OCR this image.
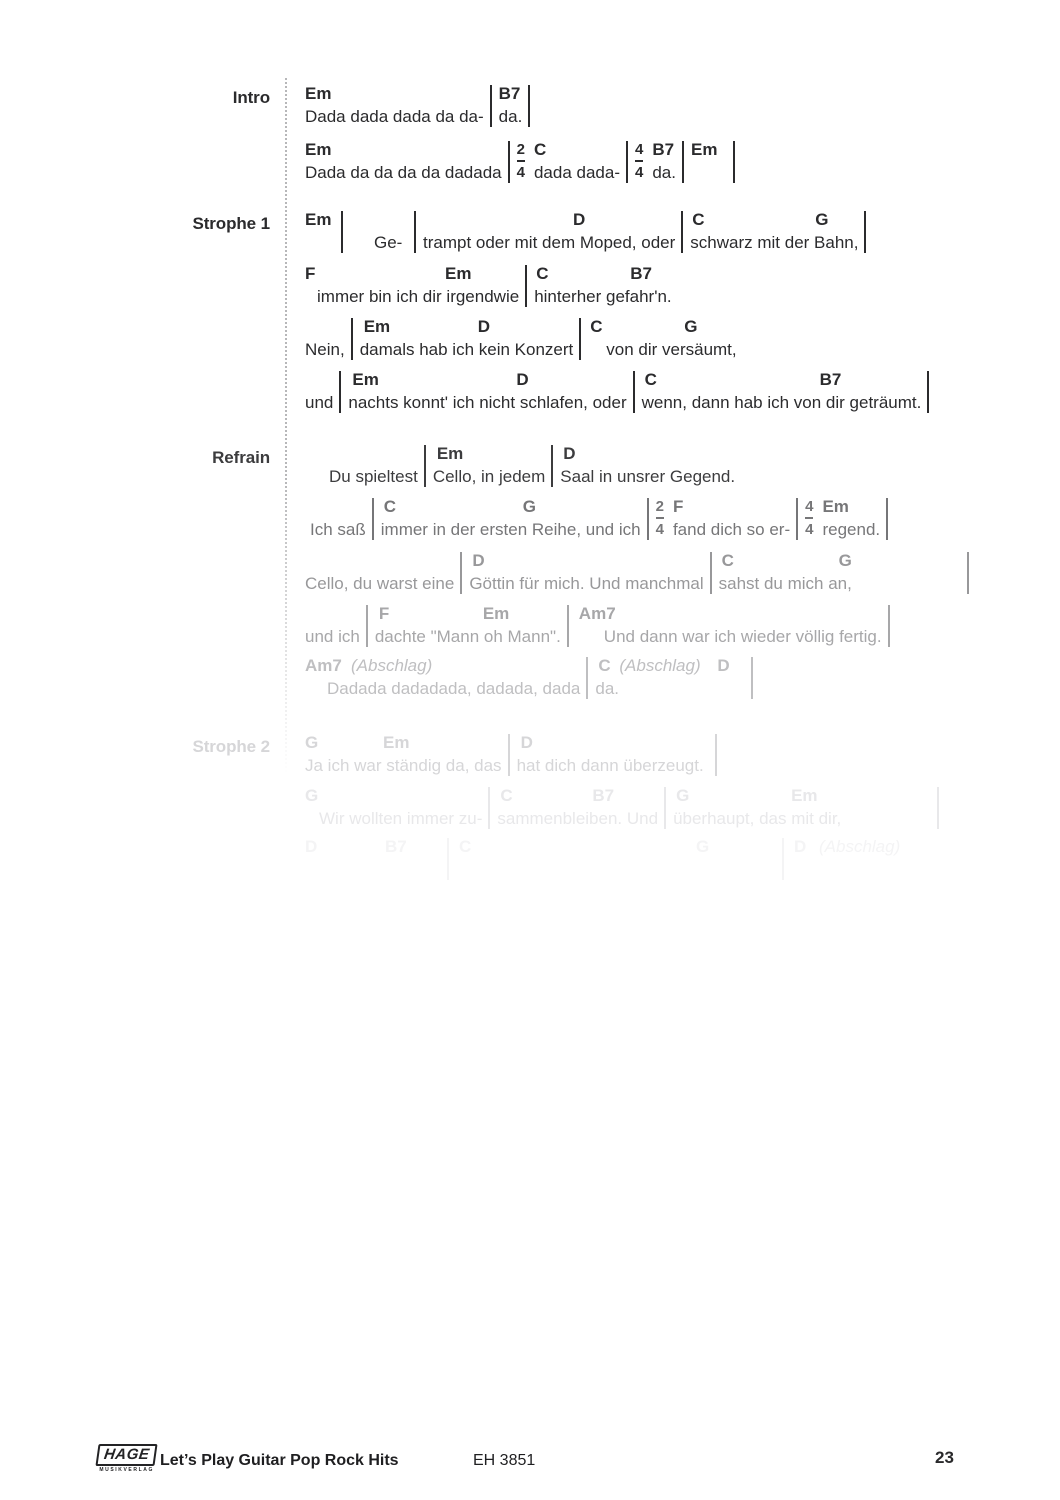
Intro Em
Dada dada dada da da-
B7
da.
Em
Dada da da da da dadada $\frac{2}{4}$ C
dada dada- $\frac{4}{4} B7$
da.
Em
Strophe 1 Em
Ge-
D
trampt oder mit dem Moped, oder
C	G
schwarz mit der Bahn,
F	Em
immer bin ich dir irgendwie
C	B7
hinterher gefahr'n.
Nein,
Em	D
damals hab ich kein Konzert
C	G
von dir versäumt,
und
Em	D
nachts konnt' ich nicht schlafen, oder
C	B7
wenn, dann hab ich von dir geträumt.
Refrain
Du spieltest
Em
Cello, in jedem
D
Saal in unsrer Gegend.
Ich saß
C	G
immer in der ersten Reihe, und ich $\frac{2}{4}$ F
fand dich so $er- \frac{4}{4}$ Em
regend.
Cello, du warst eine
D
Göttin für mich. Und manchmal
C	G
sahst du mich an,
und ich
F	Em
dachte "Mann oh Mann".
Am7
Und dann war ich wieder völlig fertig.
Am7 (Abschlag)
Dadada dadadada, dadada, dada
C (Abschlag) D
da.
Strophe 2 G	Em
Ja ich war ständig da, das
D
hat dich dann überzeugt.
G
Wir wollten immer zu-
C	B7
sammenbleiben. Und
G	Em
überhaupt, das mit dir,
D	B7	C	G	D (Abschlag)
HAGE
MUSIKVERLAG
Let’s Play Guitar Pop Rock Hits	EH 3851	23
